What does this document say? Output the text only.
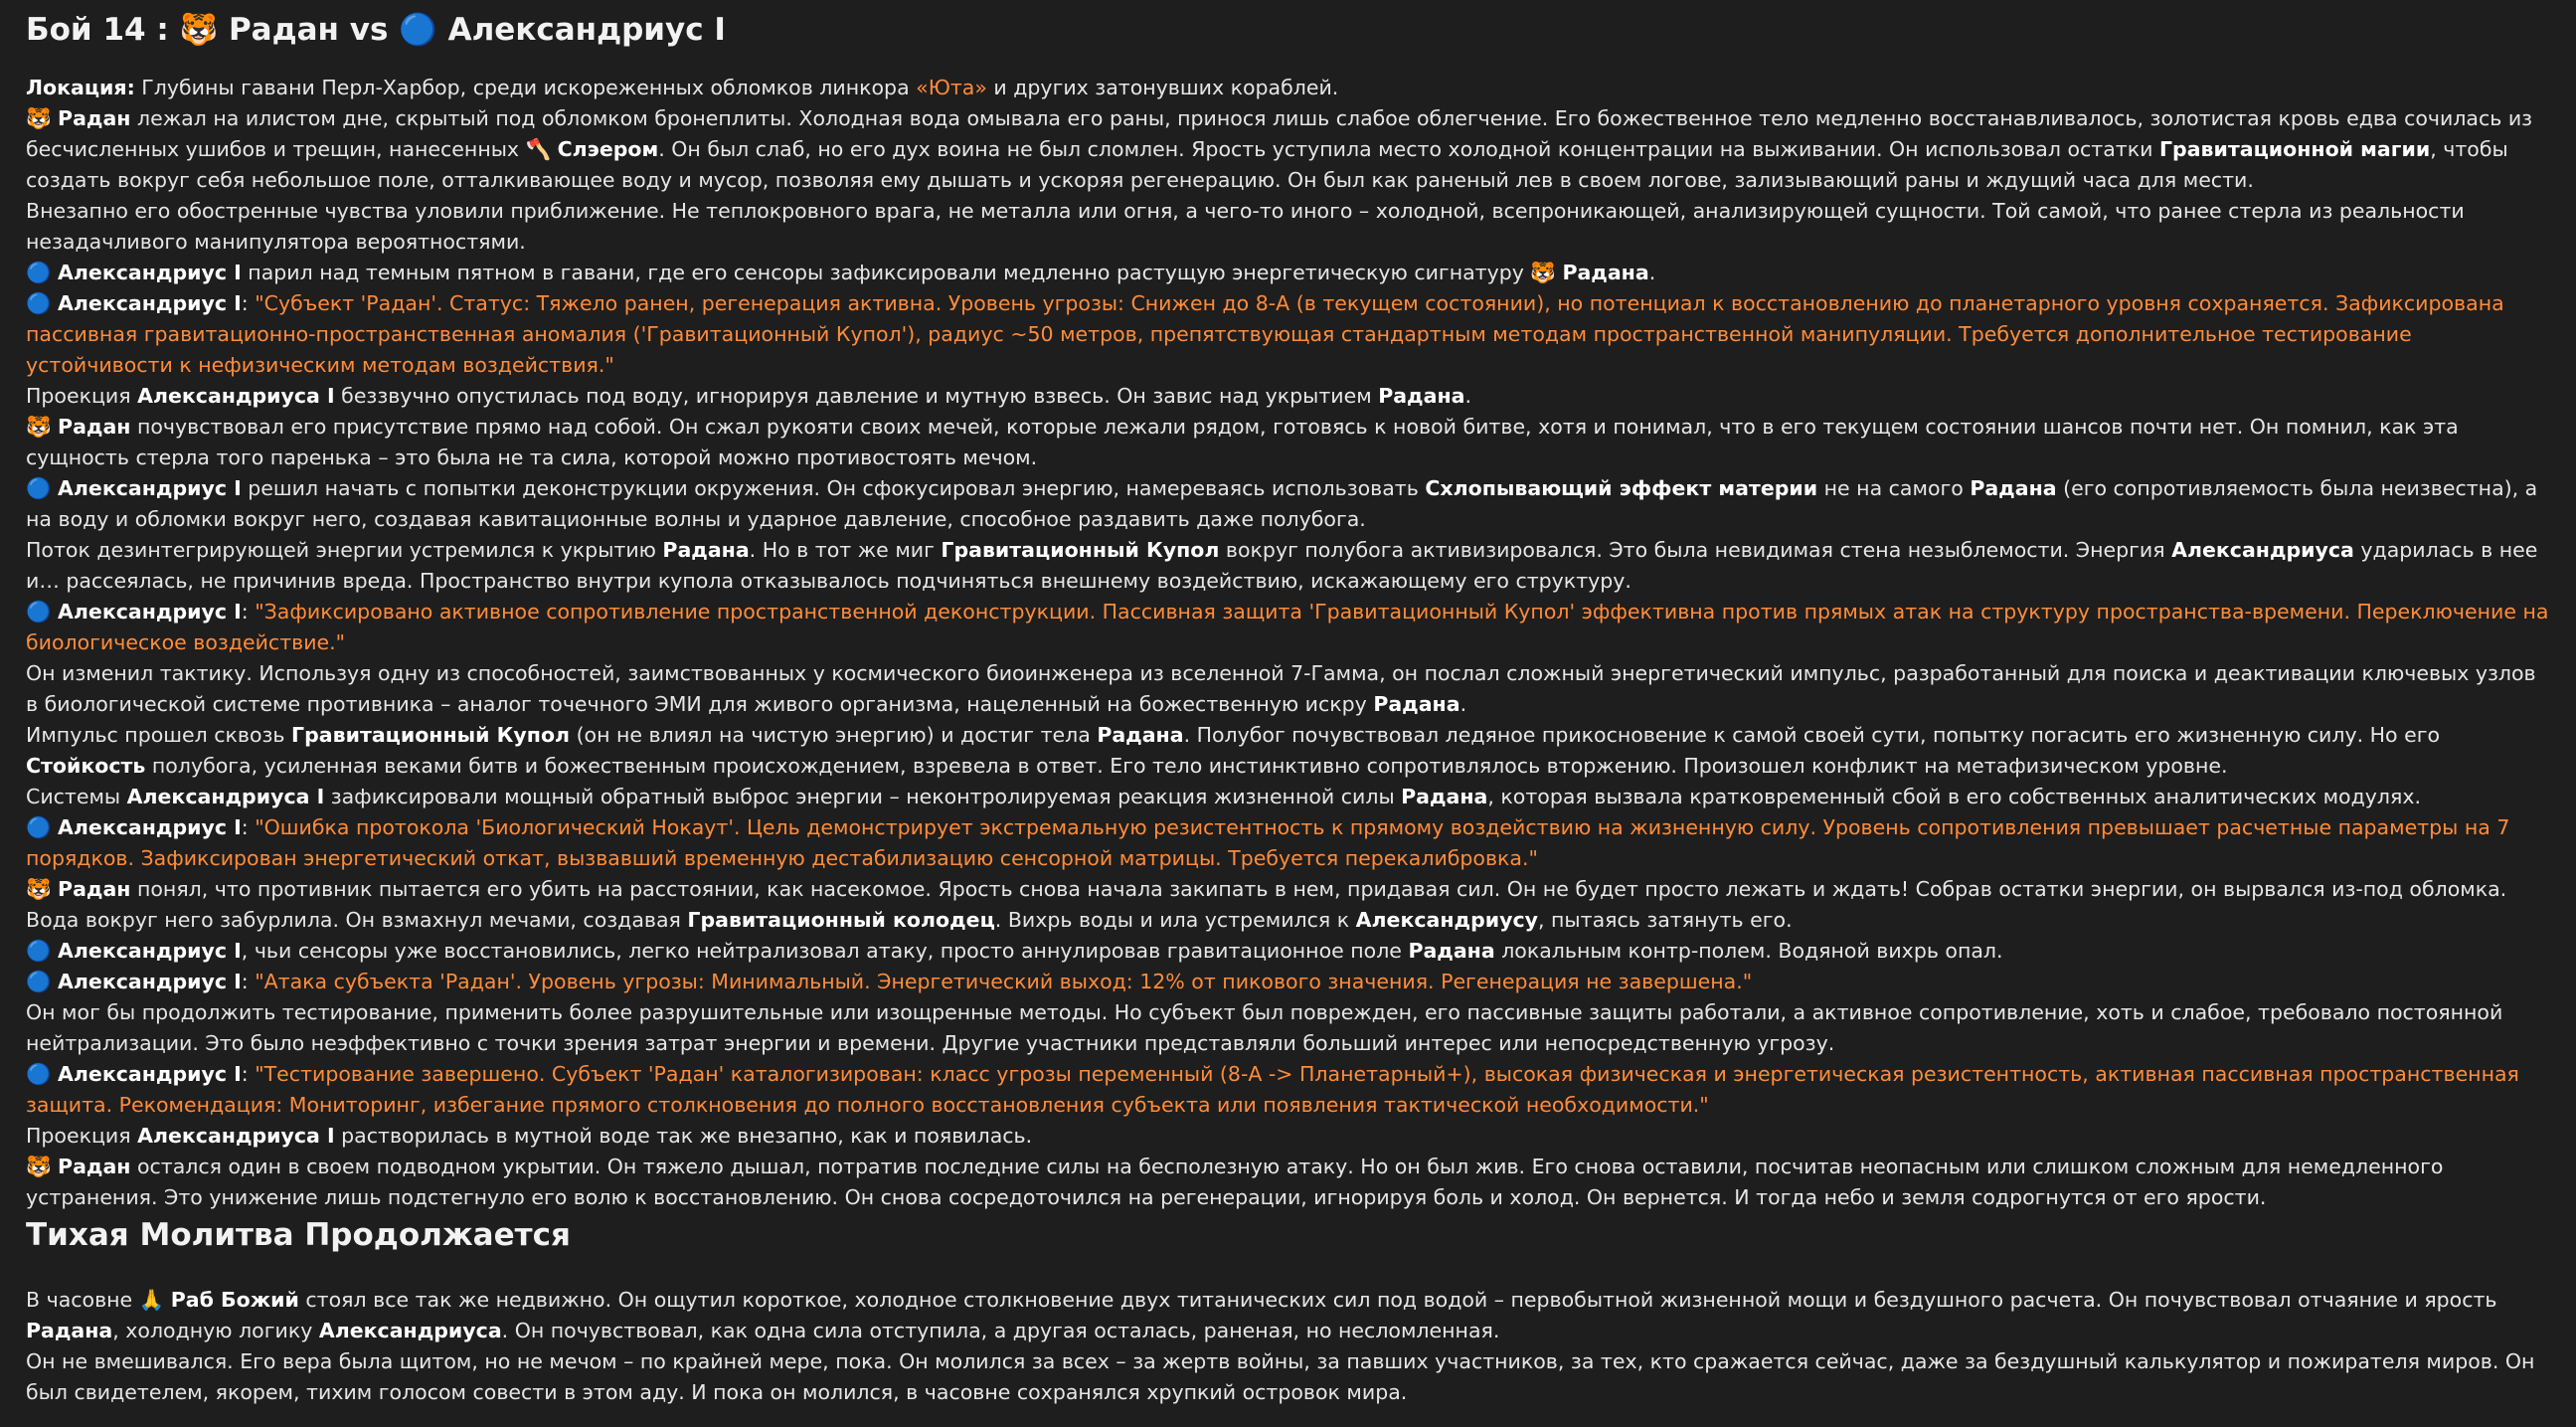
Бой 14 : 🐯 Радан vs 🔵 Александриус I

Локация: Глубины гавани Перл-Харбор, среди искореженных обломков линкора «Юта» и других затонувших кораблей.

🐯 Радан лежал на илистом дне, скрытый под обломком бронеплиты. Холодная вода омывала его раны, принося лишь слабое облегчение. Его божественное тело медленно восстанавливалось, золотистая кровь едва сочилась из бесчисленных ушибов и трещин, нанесенных 🪓 Слэером. Он был слаб, но его дух воина не был сломлен. Ярость уступила место холодной концентрации на выживании. Он использовал остатки Гравитационной магии, чтобы создать вокруг себя небольшое поле, отталкивающее воду и мусор, позволяя ему дышать и ускоряя регенерацию. Он был как раненый лев в своем логове, зализывающий раны и ждущий часа для мести.

Внезапно его обостренные чувства уловили приближение. Не теплокровного врага, не металла или огня, а чего-то иного – холодной, всепроникающей, анализирующей сущности. Той самой, что ранее стерла из реальности незадачливого манипулятора вероятностями.

🔵 Александриус I парил над темным пятном в гавани, где его сенсоры зафиксировали медленно растущую энергетическую сигнатуру 🐯 Радана.

🔵 Александриус I: "Субъект 'Радан'. Статус: Тяжело ранен, регенерация активна. Уровень угрозы: Снижен до 8-A (в текущем состоянии), но потенциал к восстановлению до планетарного уровня сохраняется. Зафиксирована пассивная гравитационно-пространственная аномалия ('Гравитационный Купол'), радиус ~50 метров, препятствующая стандартным методам пространственной манипуляции. Требуется дополнительное тестирование устойчивости к нефизическим методам воздействия."

Проекция Александриуса I беззвучно опустилась под воду, игнорируя давление и мутную взвесь. Он завис над укрытием Радана.

🐯 Радан почувствовал его присутствие прямо над собой. Он сжал рукояти своих мечей, которые лежали рядом, готовясь к новой битве, хотя и понимал, что в его текущем состоянии шансов почти нет. Он помнил, как эта сущность стерла того паренька – это была не та сила, которой можно противостоять мечом.

🔵 Александриус I решил начать с попытки деконструкции окружения. Он сфокусировал энергию, намереваясь использовать Схлопывающий эффект материи не на самого Радана (его сопротивляемость была неизвестна), а на воду и обломки вокруг него, создавая кавитационные волны и ударное давление, способное раздавить даже полубога.

Поток дезинтегрирующей энергии устремился к укрытию Радана. Но в тот же миг Гравитационный Купол вокруг полубога активизировался. Это была невидимая стена незыблемости. Энергия Александриуса ударилась в нее и… рассеялась, не причинив вреда. Пространство внутри купола отказывалось подчиняться внешнему воздействию, искажающему его структуру.

🔵 Александриус I: "Зафиксировано активное сопротивление пространственной деконструкции. Пассивная защита 'Гравитационный Купол' эффективна против прямых атак на структуру пространства-времени. Переключение на биологическое воздействие."

Он изменил тактику. Используя одну из способностей, заимствованных у космического биоинженера из вселенной 7-Гамма, он послал сложный энергетический импульс, разработанный для поиска и деактивации ключевых узлов в биологической системе противника – аналог точечного ЭМИ для живого организма, нацеленный на божественную искру Радана.

Импульс прошел сквозь Гравитационный Купол (он не влиял на чистую энергию) и достиг тела Радана. Полубог почувствовал ледяное прикосновение к самой своей сути, попытку погасить его жизненную силу. Но его Стойкость полубога, усиленная веками битв и божественным происхождением, взревела в ответ. Его тело инстинктивно сопротивлялось вторжению. Произошел конфликт на метафизическом уровне.

Системы Александриуса I зафиксировали мощный обратный выброс энергии – неконтролируемая реакция жизненной силы Радана, которая вызвала кратковременный сбой в его собственных аналитических модулях.

🔵 Александриус I: "Ошибка протокола 'Биологический Нокаут'. Цель демонстрирует экстремальную резистентность к прямому воздействию на жизненную силу. Уровень сопротивления превышает расчетные параметры на 7 порядков. Зафиксирован энергетический откат, вызвавший временную дестабилизацию сенсорной матрицы. Требуется перекалибровка."

🐯 Радан понял, что противник пытается его убить на расстоянии, как насекомое. Ярость снова начала закипать в нем, придавая сил. Он не будет просто лежать и ждать! Собрав остатки энергии, он вырвался из-под обломка. Вода вокруг него забурлила. Он взмахнул мечами, создавая Гравитационный колодец. Вихрь воды и ила устремился к Александриусу, пытаясь затянуть его.

🔵 Александриус I, чьи сенсоры уже восстановились, легко нейтрализовал атаку, просто аннулировав гравитационное поле Радана локальным контр-полем. Водяной вихрь опал.

🔵 Александриус I: "Атака субъекта 'Радан'. Уровень угрозы: Минимальный. Энергетический выход: 12% от пикового значения. Регенерация не завершена."

Он мог бы продолжить тестирование, применить более разрушительные или изощренные методы. Но субъект был поврежден, его пассивные защиты работали, а активное сопротивление, хоть и слабое, требовало постоянной нейтрализации. Это было неэффективно с точки зрения затрат энергии и времени. Другие участники представляли больший интерес или непосредственную угрозу.

🔵 Александриус I: "Тестирование завершено. Субъект 'Радан' каталогизирован: класс угрозы переменный (8-A -> Планетарный+), высокая физическая и энергетическая резистентность, активная пассивная пространственная защита. Рекомендация: Мониторинг, избегание прямого столкновения до полного восстановления субъекта или появления тактической необходимости."

Проекция Александриуса I растворилась в мутной воде так же внезапно, как и появилась.

🐯 Радан остался один в своем подводном укрытии. Он тяжело дышал, потратив последние силы на бесполезную атаку. Но он был жив. Его снова оставили, посчитав неопасным или слишком сложным для немедленного устранения. Это унижение лишь подстегнуло его волю к восстановлению. Он снова сосредоточился на регенерации, игнорируя боль и холод. Он вернется. И тогда небо и земля содрогнутся от его ярости.

Тихая Молитва Продолжается

В часовне 🙏 Раб Божий стоял все так же недвижно. Он ощутил короткое, холодное столкновение двух титанических сил под водой – первобытной жизненной мощи и бездушного расчета. Он почувствовал отчаяние и ярость Радана, холодную логику Александриуса. Он почувствовал, как одна сила отступила, а другая осталась, раненая, но несломленная.

Он не вмешивался. Его вера была щитом, но не мечом – по крайней мере, пока. Он молился за всех – за жертв войны, за павших участников, за тех, кто сражается сейчас, даже за бездушный калькулятор и пожирателя миров. Он был свидетелем, якорем, тихим голосом совести в этом аду. И пока он молился, в часовне сохранялся хрупкий островок мира.
